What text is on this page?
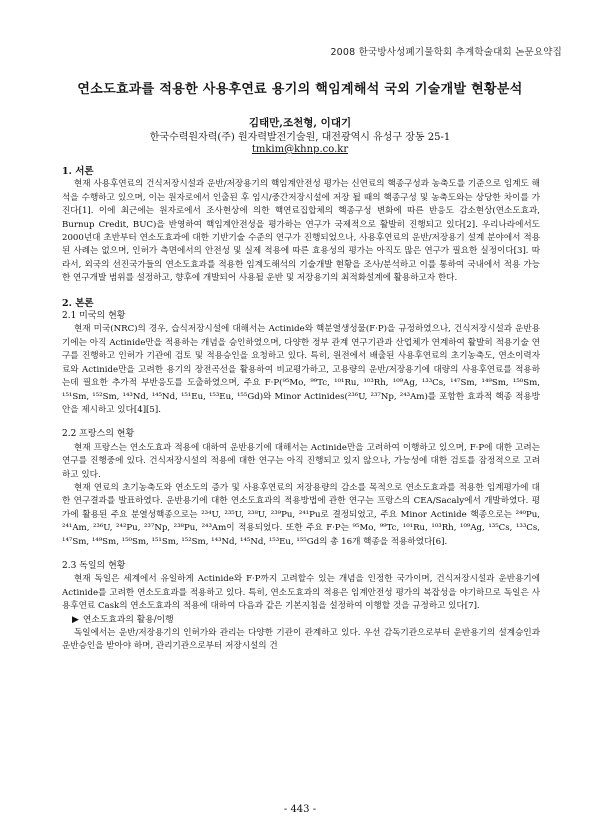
2008 한국방사성폐기물학회 추계학술대회 논문요약집
연소도효과를 적용한 사용후연료 용기의 핵임계해석 국외 기술개발 현황분석
김태만,조천형, 이대기
한국수력원자력(주) 원자력발전기술원, 대전광역시 유성구 장동 25-1
tmkim@khnp.co.kr
1. 서론

현재 사용후연료의 건식저장시설과 운반/저장용기의 핵임계안전성 평가는 신연료의 핵종구성과 농축도를 기준으로 임계도 해석을 수행하고 있으며, 이는 원자로에서 인출된 후 임시/중간저장시설에 저장 될 때의 핵종구성 및 농축도와는 상당한 차이를 가진다[1]. 이에 최근에는 원자로에서 조사현상에 의한 핵연료집합체의 핵종구성 변화에 따른 반응도 감소현상(연소도효과, Burnup Credit, BUC)을 반영하여 핵임계안전성을 평가하는 연구가 국제적으로 활발히 진행되고 있다[2]. 우리나라에서도 2000년대 초반부터 연소도효과에 대한 기반기술 수준의 연구가 진행되었으나, 사용후연료의 운반/저장용기 설계 분야에서 적용된 사례는 없으며, 인허가 측면에서의 안전성 및 실제 적용에 따른 효용성의 평가는 아직도 많은 연구가 필요한 실정이다[3]. 따라서, 외국의 선진국가들의 연소도효과를 적용한 임계도해석의 기술개발 현황을 조사/분석하고 이를 통하여 국내에서 적용 가능한 연구개발 범위를 설정하고, 향후에 개발되어 사용될 운반 및 저장용기의 최적화설계에 활용하고자 한다.

2. 본론
2.1 미국의 현황

현재 미국(NRC)의 경우, 습식저장시설에 대해서는 Actinide와 핵분열생성물(F·P)을 규정하였으나, 건식저장시설과 운반용기에는 아직 Actinide만을 적용하는 개념을 승인하였으며, 다양한 정부 관계 연구기관과 산업체가 연계하여 활발히 적용기술 연구를 진행하고 인허가 기관에 검토 및 적용승인을 요청하고 있다. 특히, 원전에서 배출된 사용후연료의 초기농축도, 연소이력자료와 Actinide만을 고려한 용기의 장전곡선을 활용하여 비교평가하고, 고용량의 운반/저장용기에 대량의 사용후연료를 적용하는데 필요한 추가적 부반응도를 도출하였으며, 주요 F·P(⁹⁵Mo, ⁹⁹Tc, ¹⁰¹Ru, ¹⁰³Rh, ¹⁰⁹Ag, ¹³³Cs, ¹⁴⁷Sm, ¹⁴⁹Sm, ¹⁵⁰Sm, ¹⁵¹Sm, ¹⁵²Sm, ¹⁴³Nd, ¹⁴⁵Nd, ¹⁵¹Eu, ¹⁵³Eu, ¹⁵⁵Gd)와 Minor Actinides(²³⁶U, ²³⁷Np, ²⁴³Am)를 포함한 효과적 핵종 적용방안을 제시하고 있다[4][5].

2.2 프랑스의 현황

현재 프랑스는 연소도효과 적용에 대하여 운반용기에 대해서는 Actinide만을 고려하여 이행하고 있으며, F·P에 대한 고려는 연구를 진행중에 있다. 건식저장시설의 적용에 대한 연구는 아직 진행되고 있지 않으나, 가능성에 대한 검토를 잠정적으로 고려하고 있다.

현재 연료의 초기농축도와 연소도의 증가 및 사용후연료의 저장용량의 감소를 목적으로 연소도효과를 적용한 임계평가에 대한 연구결과를 발표하였다. 운반용기에 대한 연소도효과의 적용방법에 관한 연구는 프랑스의 CEA/Sacaly에서 개발하였다. 평가에 활용된 주요 분열성핵종으로는 ²³⁴U, ²³⁵U, ²³⁸U, ²³⁹Pu, ²⁴¹Pu로 결정되었고, 주요 Minor Actinide 핵종으로는 ²⁴⁰Pu, ²⁴¹Am, ²³⁶U, ²⁴²Pu, ²³⁷Np, ²³⁸Pu, ²⁴³Am이 적용되었다. 또한 주요 F·P는 ⁹⁵Mo, ⁹⁹Tc, ¹⁰¹Ru, ¹⁰³Rh, ¹⁰⁹Ag, ¹³⁵Cs, ¹³³Cs, ¹⁴⁷Sm, ¹⁴⁹Sm, ¹⁵⁰Sm, ¹⁵¹Sm, ¹⁵²Sm, ¹⁴³Nd, ¹⁴⁵Nd, ¹⁵³Eu, ¹⁵⁵Gd의 총 16개 핵종을 적용하였다[6].

2.3 독일의 현황

현재 독일은 세계에서 유일하게 Actinide와 F·P까지 고려할수 있는 개념을 인정한 국가이며, 건식저장시설과 운반용기에 Actinide를 고려한 연소도효과를 적용하고 있다. 특히, 연소도효과의 적용은 임계안전성 평가의 복잡성을 야기하므로 독일은 사용후연료 Cask의 연소도효과의 적용에 대하여 다음과 같은 기본지침을 설정하여 이행할 것을 규정하고 있다[7].

▶ 연소도효과의 활용/이행

독일에서는 운반/저장용기의 인허가와 관리는 다양한 기관이 관계하고 있다. 우선 감독기관으로부터 운반용기의 설계승인과 운반승인을 받아야 하며, 관리기관으로부터 저장시설의 건

- 443 -
